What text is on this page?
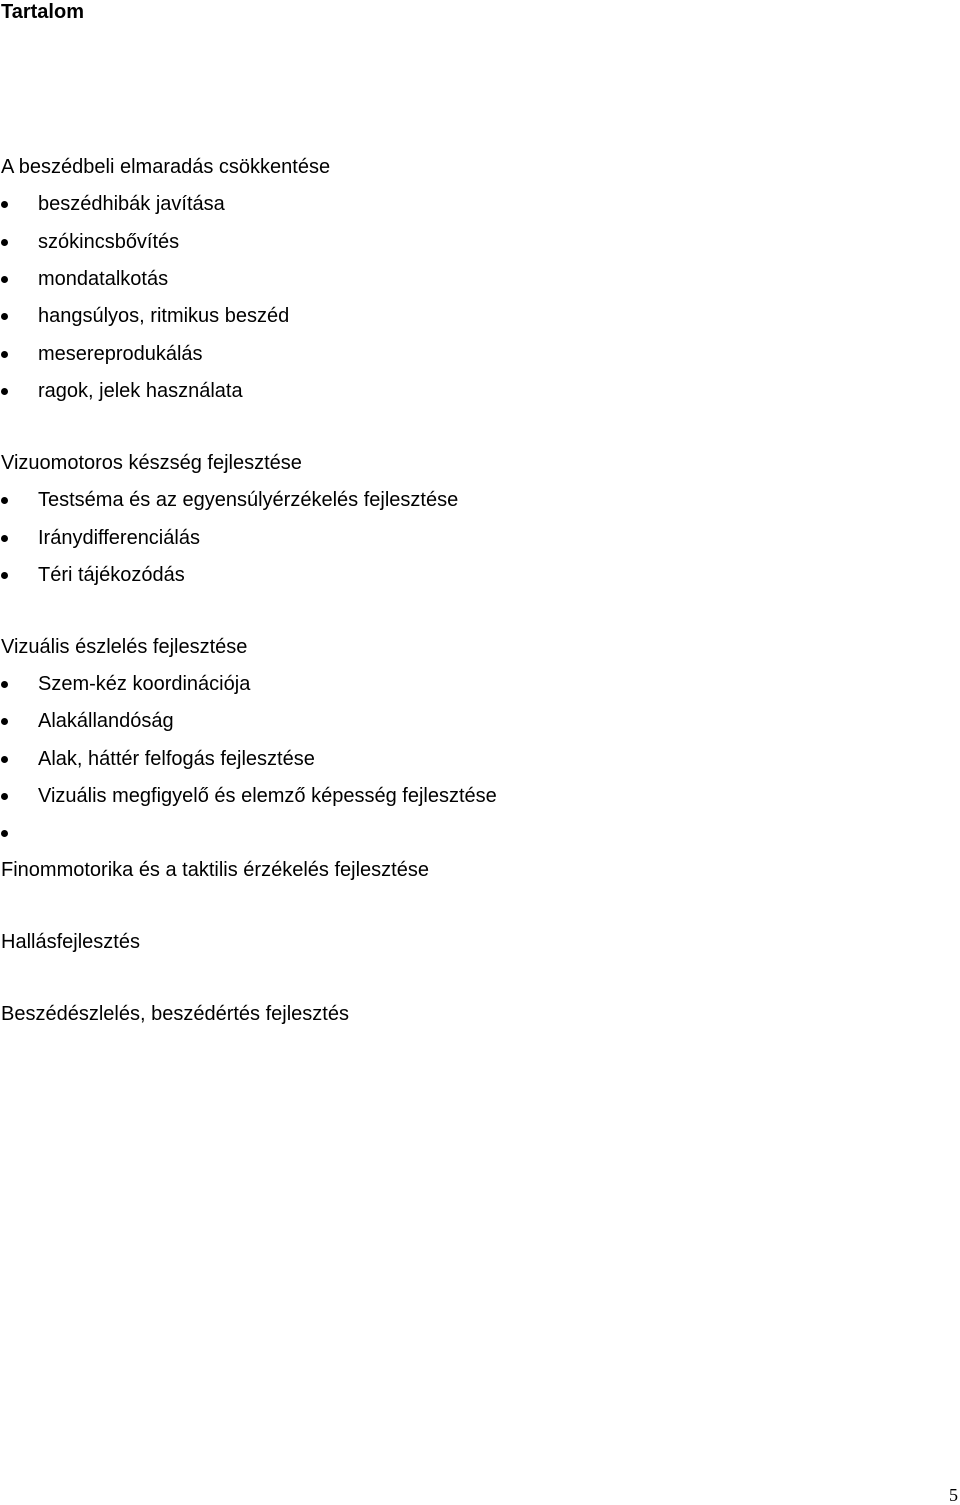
Tartalom
A beszédbeli elmaradás csökkentése
beszédhibák javítása
szókincsbővítés
mondatalkotás
hangsúlyos, ritmikus beszéd
mesereprodukálás
ragok, jelek használata
Vizuomotoros készség fejlesztése
Testséma és az egyensúlyérzékelés fejlesztése
Iránydifferenciálás
Téri tájékozódás
Vizuális észlelés fejlesztése
Szem-kéz koordinációja
Alakállandóság
Alak, háttér felfogás fejlesztése
Vizuális megfigyelő és elemző képesség fejlesztése
Finommotorika és a taktilis érzékelés fejlesztése
Hallásfejlesztés
Beszédészlelés, beszédértés fejlesztés
5
